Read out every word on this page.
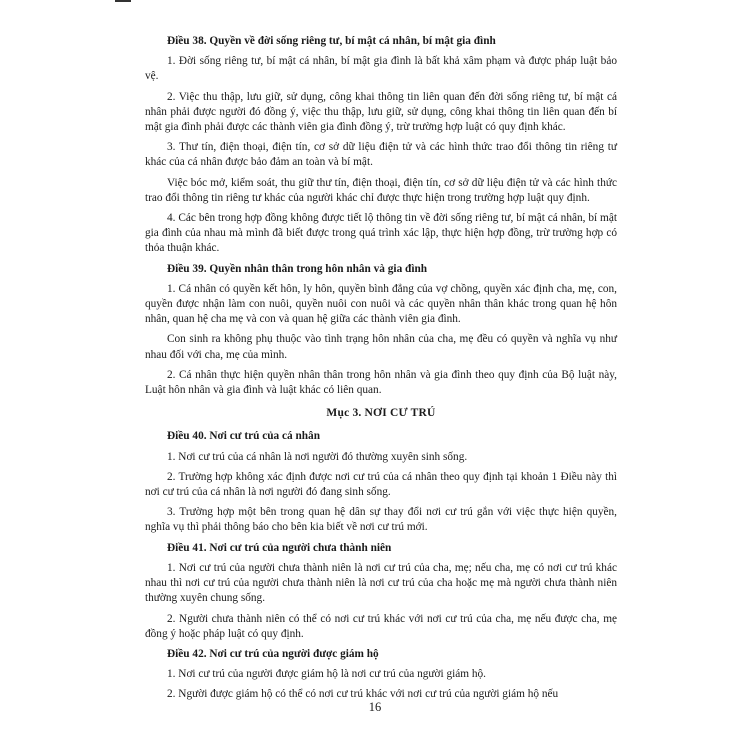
Điều 38. Quyền về đời sống riêng tư, bí mật cá nhân, bí mật gia đình

1. Đời sống riêng tư, bí mật cá nhân, bí mật gia đình là bất khả xâm phạm và được pháp luật bảo vệ.

2. Việc thu thập, lưu giữ, sử dụng, công khai thông tin liên quan đến đời sống riêng tư, bí mật cá nhân phải được người đó đồng ý, việc thu thập, lưu giữ, sử dụng, công khai thông tin liên quan đến bí mật gia đình phải được các thành viên gia đình đồng ý, trừ trường hợp luật có quy định khác.

3. Thư tín, điện thoại, điện tín, cơ sở dữ liệu điện tử và các hình thức trao đổi thông tin riêng tư khác của cá nhân được bảo đảm an toàn và bí mật.

Việc bóc mở, kiểm soát, thu giữ thư tín, điện thoại, điện tín, cơ sở dữ liệu điện tử và các hình thức trao đổi thông tin riêng tư khác của người khác chỉ được thực hiện trong trường hợp luật quy định.

4. Các bên trong hợp đồng không được tiết lộ thông tin về đời sống riêng tư, bí mật cá nhân, bí mật gia đình của nhau mà mình đã biết được trong quá trình xác lập, thực hiện hợp đồng, trừ trường hợp có thỏa thuận khác.

Điều 39. Quyền nhân thân trong hôn nhân và gia đình

1. Cá nhân có quyền kết hôn, ly hôn, quyền bình đẳng của vợ chồng, quyền xác định cha, mẹ, con, quyền được nhận làm con nuôi, quyền nuôi con nuôi và các quyền nhân thân khác trong quan hệ hôn nhân, quan hệ cha mẹ và con và quan hệ giữa các thành viên gia đình.

Con sinh ra không phụ thuộc vào tình trạng hôn nhân của cha, mẹ đều có quyền và nghĩa vụ như nhau đối với cha, mẹ của mình.

2. Cá nhân thực hiện quyền nhân thân trong hôn nhân và gia đình theo quy định của Bộ luật này, Luật hôn nhân và gia đình và luật khác có liên quan.

Mục 3. NƠI CƯ TRÚ
Điều 40. Nơi cư trú của cá nhân

1. Nơi cư trú của cá nhân là nơi người đó thường xuyên sinh sống.

2. Trường hợp không xác định được nơi cư trú của cá nhân theo quy định tại khoản 1 Điều này thì nơi cư trú của cá nhân là nơi người đó đang sinh sống.

3. Trường hợp một bên trong quan hệ dân sự thay đổi nơi cư trú gắn với việc thực hiện quyền, nghĩa vụ thì phải thông báo cho bên kia biết về nơi cư trú mới.

Điều 41. Nơi cư trú của người chưa thành niên

1. Nơi cư trú của người chưa thành niên là nơi cư trú của cha, mẹ; nếu cha, mẹ có nơi cư trú khác nhau thì nơi cư trú của người chưa thành niên là nơi cư trú của cha hoặc mẹ mà người chưa thành niên thường xuyên chung sống.

2. Người chưa thành niên có thể có nơi cư trú khác với nơi cư trú của cha, mẹ nếu được cha, mẹ đồng ý hoặc pháp luật có quy định.

Điều 42. Nơi cư trú của người được giám hộ

1. Nơi cư trú của người được giám hộ là nơi cư trú của người giám hộ.

2. Người được giám hộ có thể có nơi cư trú khác với nơi cư trú của người giám hộ nếu

16
